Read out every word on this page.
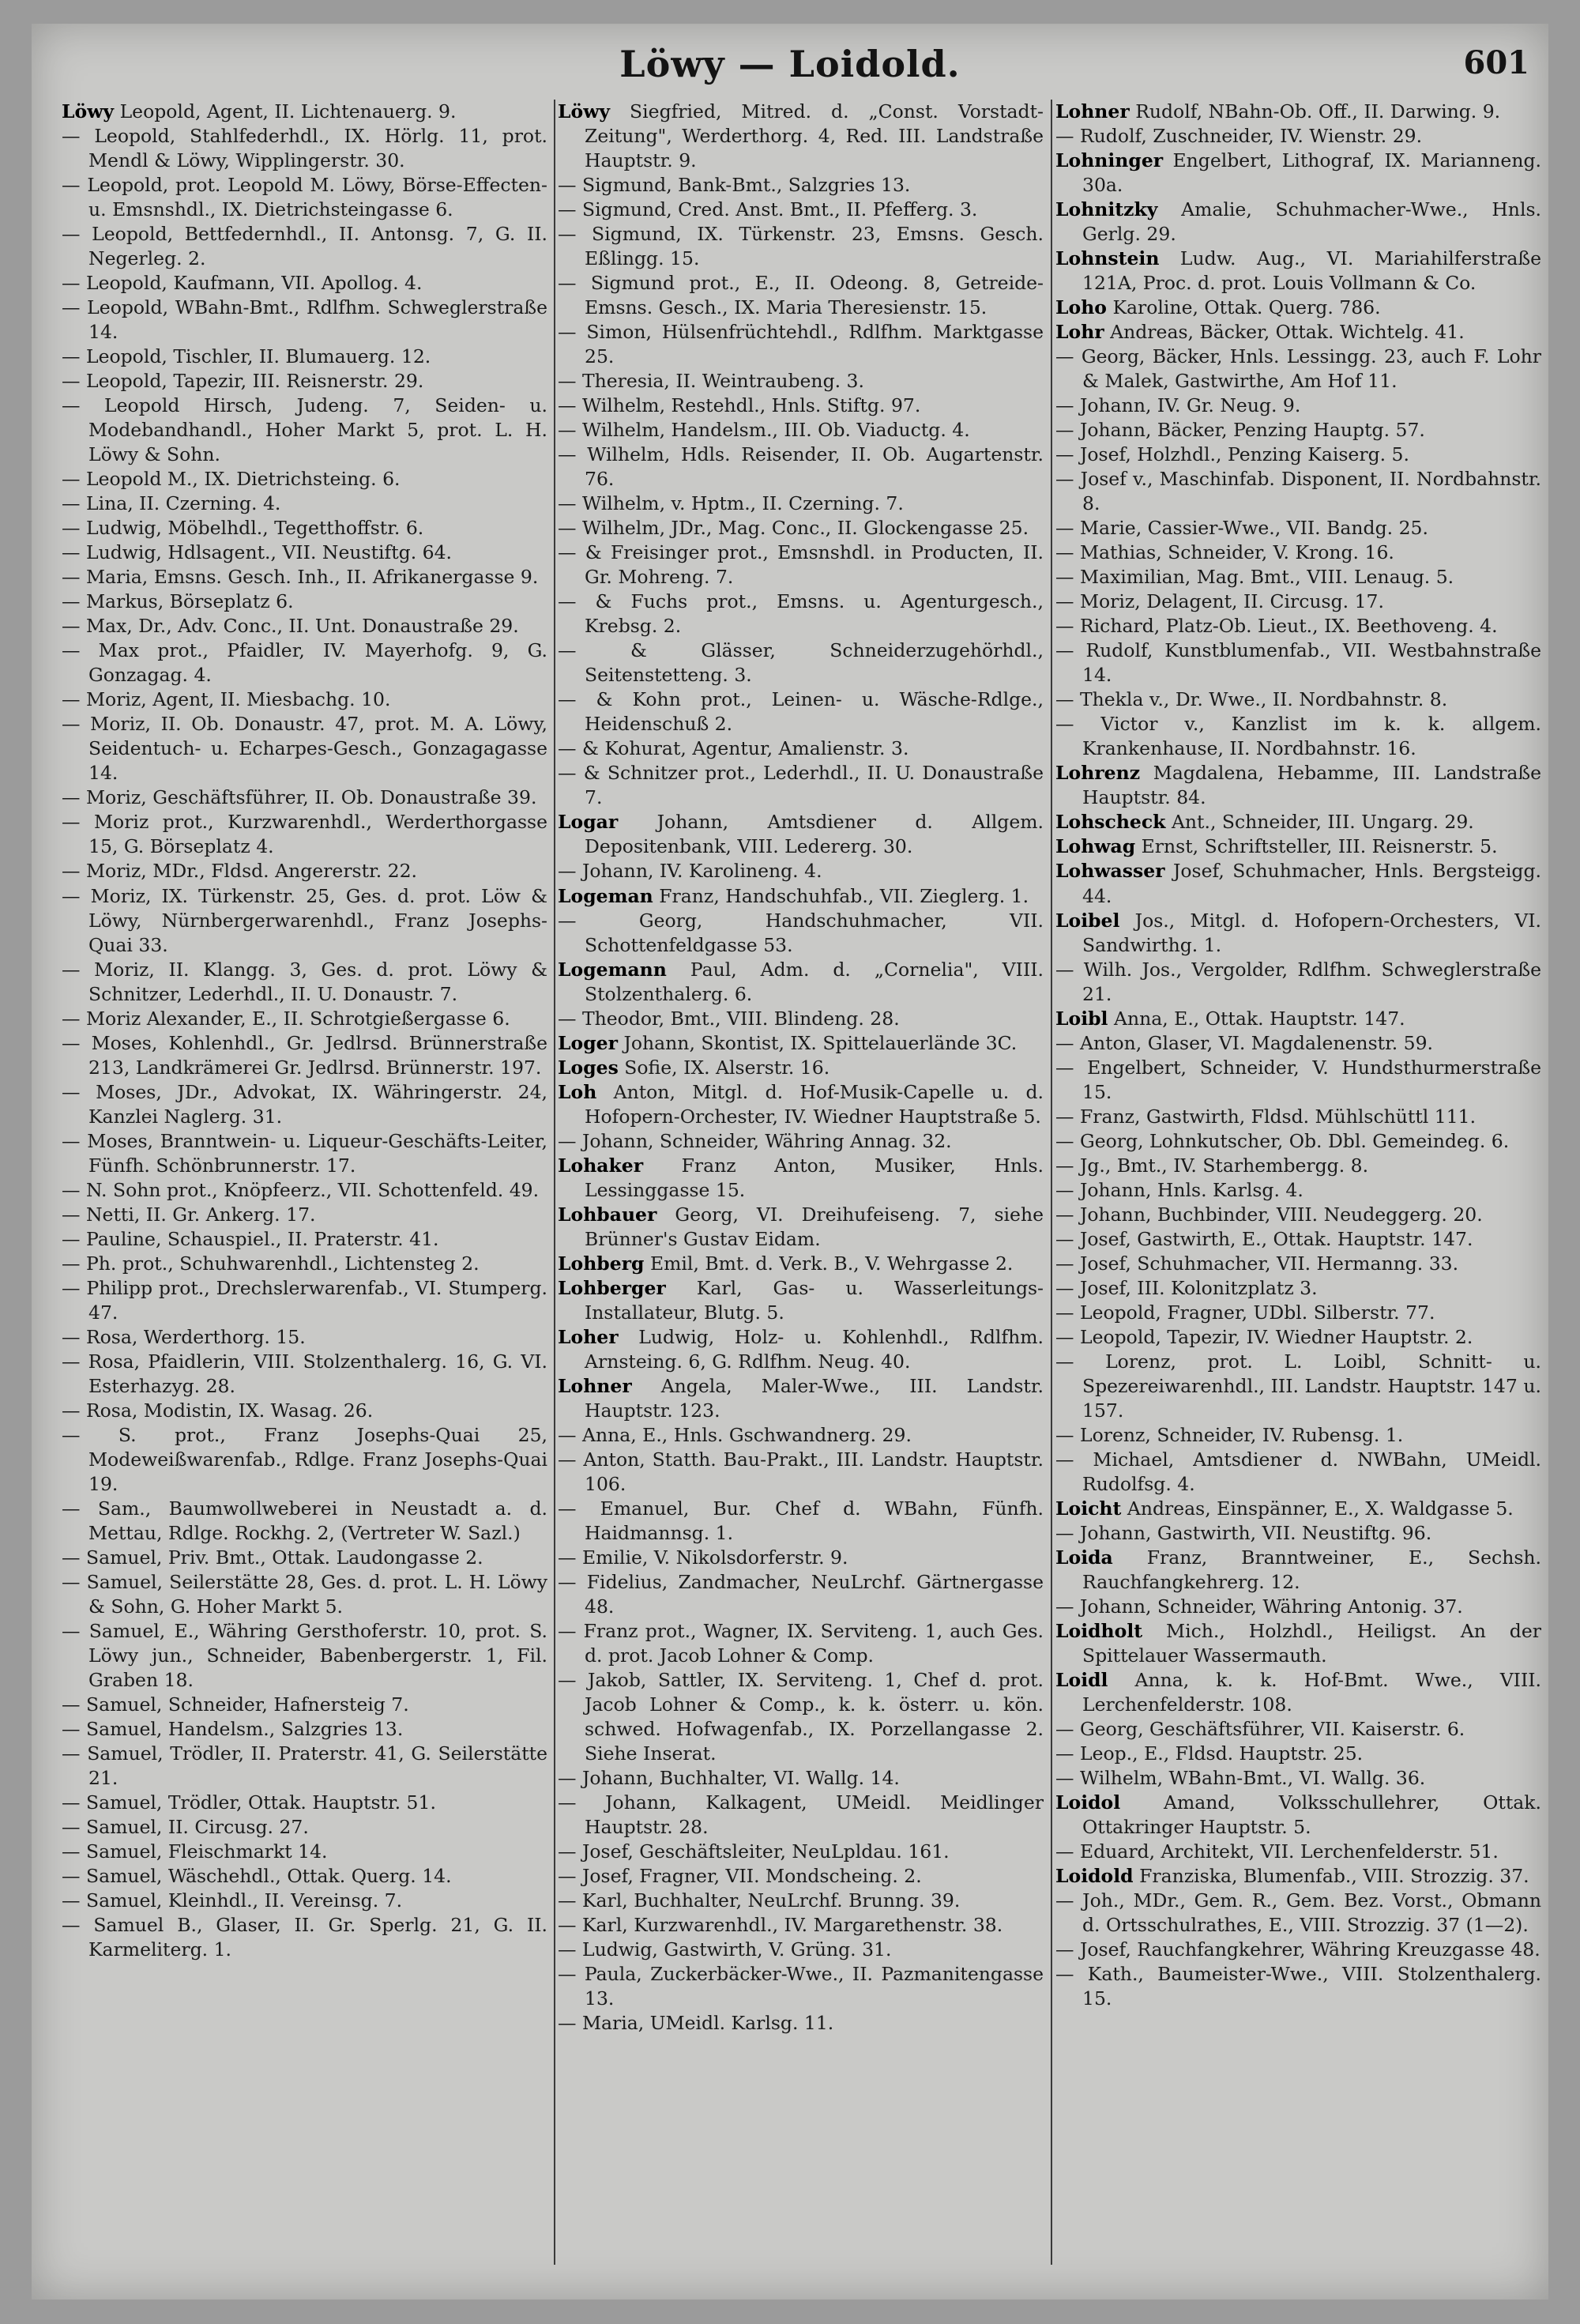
Löwy — Loidold.	601

Löwy Leopold, Agent, II. Lichtenauerg. 9.

— Leopold, Stahlfederhdl., IX. Hörlg. 11, prot. Mendl & Löwy, Wipplingerstr. 30.

— Leopold, prot. Leopold M. Löwy, Börse-Effecten- u. Emsnshdl., IX. Dietrichsteingasse 6.

— Leopold, Bettfedernhdl., II. Antonsg. 7, G. II. Negerleg. 2.

— Leopold, Kaufmann, VII. Apollog. 4.

— Leopold, WBahn-Bmt., Rdlfhm. Schweglerstraße 14.

— Leopold, Tischler, II. Blumauerg. 12.

— Leopold, Tapezir, III. Reisnerstr. 29.

— Leopold Hirsch, Judeng. 7, Seiden- u. Modebandhandl., Hoher Markt 5, prot. L. H. Löwy & Sohn.

— Leopold M., IX. Dietrichsteing. 6.

— Lina, II. Czerning. 4.

— Ludwig, Möbelhdl., Tegetthoffstr. 6.

— Ludwig, Hdlsagent., VII. Neustiftg. 64.

— Maria, Emsns. Gesch. Inh., II. Afrikanergasse 9.

— Markus, Börseplatz 6.

— Max, Dr., Adv. Conc., II. Unt. Donaustraße 29.

— Max prot., Pfaidler, IV. Mayerhofg. 9, G. Gonzagag. 4.

— Moriz, Agent, II. Miesbachg. 10.

— Moriz, II. Ob. Donaustr. 47, prot. M. A. Löwy, Seidentuch- u. Echarpes-Gesch., Gonzagagasse 14.

— Moriz, Geschäftsführer, II. Ob. Donaustraße 39.

— Moriz prot., Kurzwarenhdl., Werderthorgasse 15, G. Börseplatz 4.

— Moriz, MDr., Fldsd. Angererstr. 22.

— Moriz, IX. Türkenstr. 25, Ges. d. prot. Löw & Löwy, Nürnbergerwarenhdl., Franz Josephs-Quai 33.

— Moriz, II. Klangg. 3, Ges. d. prot. Löwy & Schnitzer, Lederhdl., II. U. Donaustr. 7.

— Moriz Alexander, E., II. Schrotgießergasse 6.

— Moses, Kohlenhdl., Gr. Jedlrsd. Brünnerstraße 213, Landkrämerei Gr. Jedlrsd. Brünnerstr. 197.

— Moses, JDr., Advokat, IX. Währingerstr. 24, Kanzlei Naglerg. 31.

— Moses, Branntwein- u. Liqueur-Geschäfts-Leiter, Fünfh. Schönbrunnerstr. 17.

— N. Sohn prot., Knöpfeerz., VII. Schottenfeld. 49.

— Netti, II. Gr. Ankerg. 17.

— Pauline, Schauspiel., II. Praterstr. 41.

— Ph. prot., Schuhwarenhdl., Lichtensteg 2.

— Philipp prot., Drechslerwarenfab., VI. Stumperg. 47.

— Rosa, Werderthorg. 15.

— Rosa, Pfaidlerin, VIII. Stolzenthalerg. 16, G. VI. Esterhazyg. 28.

— Rosa, Modistin, IX. Wasag. 26.

— S. prot., Franz Josephs-Quai 25, Modeweißwarenfab., Rdlge. Franz Josephs-Quai 19.

— Sam., Baumwollweberei in Neustadt a. d. Mettau, Rdlge. Rockhg. 2, (Vertreter W. Sazl.)

— Samuel, Priv. Bmt., Ottak. Laudongasse 2.

— Samuel, Seilerstätte 28, Ges. d. prot. L. H. Löwy & Sohn, G. Hoher Markt 5.

— Samuel, E., Währing Gersthoferstr. 10, prot. S. Löwy jun., Schneider, Babenbergerstr. 1, Fil. Graben 18.

— Samuel, Schneider, Hafnersteig 7.

— Samuel, Handelsm., Salzgries 13.

— Samuel, Trödler, II. Praterstr. 41, G. Seilerstätte 21.

— Samuel, Trödler, Ottak. Hauptstr. 51.

— Samuel, II. Circusg. 27.

— Samuel, Fleischmarkt 14.

— Samuel, Wäschehdl., Ottak. Querg. 14.

— Samuel, Kleinhdl., II. Vereinsg. 7.

— Samuel B., Glaser, II. Gr. Sperlg. 21, G. II. Karmeliterg. 1.

Löwy Siegfried, Mitred. d. „Const. Vorstadt-Zeitung", Werderthorg. 4, Red. III. Landstraße Hauptstr. 9.

— Sigmund, Bank-Bmt., Salzgries 13.

— Sigmund, Cred. Anst. Bmt., II. Pfefferg. 3.

— Sigmund, IX. Türkenstr. 23, Emsns. Gesch. Eßlingg. 15.

— Sigmund prot., E., II. Odeong. 8, Getreide-Emsns. Gesch., IX. Maria Theresienstr. 15.

— Simon, Hülsenfrüchtehdl., Rdlfhm. Marktgasse 25.

— Theresia, II. Weintraubeng. 3.

— Wilhelm, Restehdl., Hnls. Stiftg. 97.

— Wilhelm, Handelsm., III. Ob. Viaductg. 4.

— Wilhelm, Hdls. Reisender, II. Ob. Augartenstr. 76.

— Wilhelm, v. Hptm., II. Czerning. 7.

— Wilhelm, JDr., Mag. Conc., II. Glockengasse 25.

— & Freisinger prot., Emsnshdl. in Producten, II. Gr. Mohreng. 7.

— & Fuchs prot., Emsns. u. Agenturgesch., Krebsg. 2.

— & Glässer, Schneiderzugehörhdl., Seitenstetteng. 3.

— & Kohn prot., Leinen- u. Wäsche-Rdlge., Heidenschuß 2.

— & Kohurat, Agentur, Amalienstr. 3.

— & Schnitzer prot., Lederhdl., II. U. Donaustraße 7.

Logar Johann, Amtsdiener d. Allgem. Depositenbank, VIII. Ledererg. 30.

— Johann, IV. Karolineng. 4.

Logeman Franz, Handschuhfab., VII. Zieglerg. 1.

— Georg, Handschuhmacher, VII. Schottenfeldgasse 53.

Logemann Paul, Adm. d. „Cornelia", VIII. Stolzenthalerg. 6.

— Theodor, Bmt., VIII. Blindeng. 28.

Loger Johann, Skontist, IX. Spittelauerlände 3C.

Loges Sofie, IX. Alserstr. 16.

Loh Anton, Mitgl. d. Hof-Musik-Capelle u. d. Hofopern-Orchester, IV. Wiedner Hauptstraße 5.

— Johann, Schneider, Währing Annag. 32.

Lohaker Franz Anton, Musiker, Hnls. Lessinggasse 15.

Lohbauer Georg, VI. Dreihufeiseng. 7, siehe Brünner's Gustav Eidam.

Lohberg Emil, Bmt. d. Verk. B., V. Wehrgasse 2.

Lohberger Karl, Gas- u. Wasserleitungs-Installateur, Blutg. 5.

Loher Ludwig, Holz- u. Kohlenhdl., Rdlfhm. Arnsteing. 6, G. Rdlfhm. Neug. 40.

Lohner Angela, Maler-Wwe., III. Landstr. Hauptstr. 123.

— Anna, E., Hnls. Gschwandnerg. 29.

— Anton, Statth. Bau-Prakt., III. Landstr. Hauptstr. 106.

— Emanuel, Bur. Chef d. WBahn, Fünfh. Haidmannsg. 1.

— Emilie, V. Nikolsdorferstr. 9.

— Fidelius, Zandmacher, NeuLrchf. Gärtnergasse 48.

— Franz prot., Wagner, IX. Serviteng. 1, auch Ges. d. prot. Jacob Lohner & Comp.

— Jakob, Sattler, IX. Serviteng. 1, Chef d. prot. Jacob Lohner & Comp., k. k. österr. u. kön. schwed. Hofwagenfab., IX. Porzellangasse 2. Siehe Inserat.

— Johann, Buchhalter, VI. Wallg. 14.

— Johann, Kalkagent, UMeidl. Meidlinger Hauptstr. 28.

— Josef, Geschäftsleiter, NeuLpldau. 161.

— Josef, Fragner, VII. Mondscheing. 2.

— Karl, Buchhalter, NeuLrchf. Brunng. 39.

— Karl, Kurzwarenhdl., IV. Margarethenstr. 38.

— Ludwig, Gastwirth, V. Grüng. 31.

— Paula, Zuckerbäcker-Wwe., II. Pazmanitengasse 13.

— Maria, UMeidl. Karlsg. 11.

Lohner Rudolf, NBahn-Ob. Off., II. Darwing. 9.

— Rudolf, Zuschneider, IV. Wienstr. 29.

Lohninger Engelbert, Lithograf, IX. Marianneng. 30a.

Lohnitzky Amalie, Schuhmacher-Wwe., Hnls. Gerlg. 29.

Lohnstein Ludw. Aug., VI. Mariahilferstraße 121A, Proc. d. prot. Louis Vollmann & Co.

Loho Karoline, Ottak. Querg. 786.

Lohr Andreas, Bäcker, Ottak. Wichtelg. 41.

— Georg, Bäcker, Hnls. Lessingg. 23, auch F. Lohr & Malek, Gastwirthe, Am Hof 11.

— Johann, IV. Gr. Neug. 9.

— Johann, Bäcker, Penzing Hauptg. 57.

— Josef, Holzhdl., Penzing Kaiserg. 5.

— Josef v., Maschinfab. Disponent, II. Nordbahnstr. 8.

— Marie, Cassier-Wwe., VII. Bandg. 25.

— Mathias, Schneider, V. Krong. 16.

— Maximilian, Mag. Bmt., VIII. Lenaug. 5.

— Moriz, Delagent, II. Circusg. 17.

— Richard, Platz-Ob. Lieut., IX. Beethoveng. 4.

— Rudolf, Kunstblumenfab., VII. Westbahnstraße 14.

— Thekla v., Dr. Wwe., II. Nordbahnstr. 8.

— Victor v., Kanzlist im k. k. allgem. Krankenhause, II. Nordbahnstr. 16.

Lohrenz Magdalena, Hebamme, III. Landstraße Hauptstr. 84.

Lohscheck Ant., Schneider, III. Ungarg. 29.

Lohwag Ernst, Schriftsteller, III. Reisnerstr. 5.

Lohwasser Josef, Schuhmacher, Hnls. Bergsteigg. 44.

Loibel Jos., Mitgl. d. Hofopern-Orchesters, VI. Sandwirthg. 1.

— Wilh. Jos., Vergolder, Rdlfhm. Schweglerstraße 21.

Loibl Anna, E., Ottak. Hauptstr. 147.

— Anton, Glaser, VI. Magdalenenstr. 59.

— Engelbert, Schneider, V. Hundsthurmerstraße 15.

— Franz, Gastwirth, Fldsd. Mühlschüttl 111.

— Georg, Lohnkutscher, Ob. Dbl. Gemeindeg. 6.

— Jg., Bmt., IV. Starhembergg. 8.

— Johann, Hnls. Karlsg. 4.

— Johann, Buchbinder, VIII. Neudeggerg. 20.

— Josef, Gastwirth, E., Ottak. Hauptstr. 147.

— Josef, Schuhmacher, VII. Hermanng. 33.

— Josef, III. Kolonitzplatz 3.

— Leopold, Fragner, UDbl. Silberstr. 77.

— Leopold, Tapezir, IV. Wiedner Hauptstr. 2.

— Lorenz, prot. L. Loibl, Schnitt- u. Spezereiwarenhdl., III. Landstr. Hauptstr. 147 u. 157.

— Lorenz, Schneider, IV. Rubensg. 1.

— Michael, Amtsdiener d. NWBahn, UMeidl. Rudolfsg. 4.

Loicht Andreas, Einspänner, E., X. Waldgasse 5.

— Johann, Gastwirth, VII. Neustiftg. 96.

Loida Franz, Branntweiner, E., Sechsh. Rauchfangkehrerg. 12.

— Johann, Schneider, Währing Antonig. 37.

Loidholt Mich., Holzhdl., Heiligst. An der Spittelauer Wassermauth.

Loidl Anna, k. k. Hof-Bmt. Wwe., VIII. Lerchenfelderstr. 108.

— Georg, Geschäftsführer, VII. Kaiserstr. 6.

— Leop., E., Fldsd. Hauptstr. 25.

— Wilhelm, WBahn-Bmt., VI. Wallg. 36.

Loidol Amand, Volksschullehrer, Ottak. Ottakringer Hauptstr. 5.

— Eduard, Architekt, VII. Lerchenfelderstr. 51.

Loidold Franziska, Blumenfab., VIII. Strozzig. 37.

— Joh., MDr., Gem. R., Gem. Bez. Vorst., Obmann d. Ortsschulrathes, E., VIII. Strozzig. 37 (1—2).

— Josef, Rauchfangkehrer, Währing Kreuzgasse 48.

— Kath., Baumeister-Wwe., VIII. Stolzenthalerg. 15.
